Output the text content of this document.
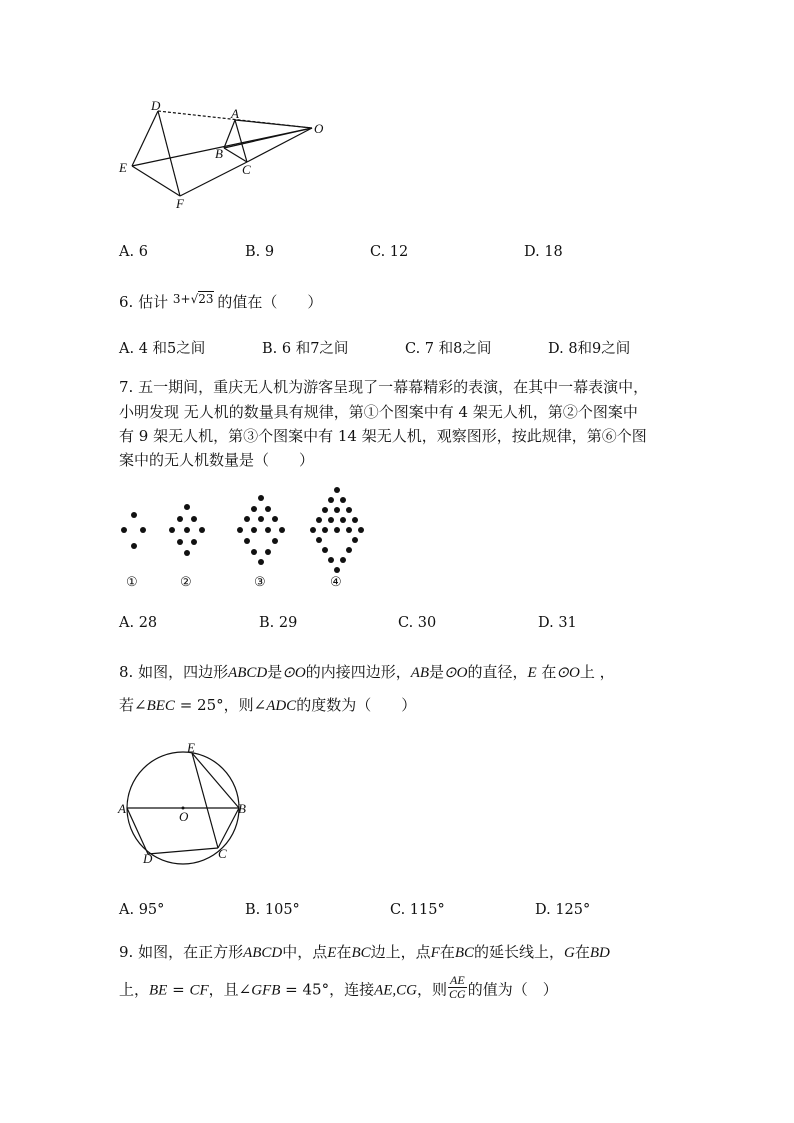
D
A
O
B
C
E
F
A. 6	B. 9	C. 12	D. 18
6. 估计 $^{3+√23}$ 的值在（　　）
A. 4 和5之间	B. 6 和7之间	C. 7 和8之间	D. 8和9之间
7. 五一期间，重庆无人机为游客呈现了一幕幕精彩的表演，在其中一幕表演中，
小明发现 无人机的数量具有规律，第①个图案中有 4 架无人机，第②个图案中
有 9 架无人机，第③个图案中有 14 架无人机，观察图形，按此规律，第⑥个图
案中的无人机数量是（　　）
①	②	③	④
A. 28	B. 29	C. 30	D. 31
8. 如图，四边形ABCD是⊙O的内接四边形，AB是⊙O的直径，E 在⊙O上 ，
若∠BEC = 25°，则∠ADC的度数为（　　）
E
A
O
B
D	C
A. 95°	B. 105°	C. 115°	D. 125°
9. 如图，在正方形ABCD中，点E在BC边上，点F在BC的延长线上，G在BD
上，BE = CF，且∠GFB = 45°，连接AE,CG，则 $\frac{AE}{CG}$ 的值为（　）
